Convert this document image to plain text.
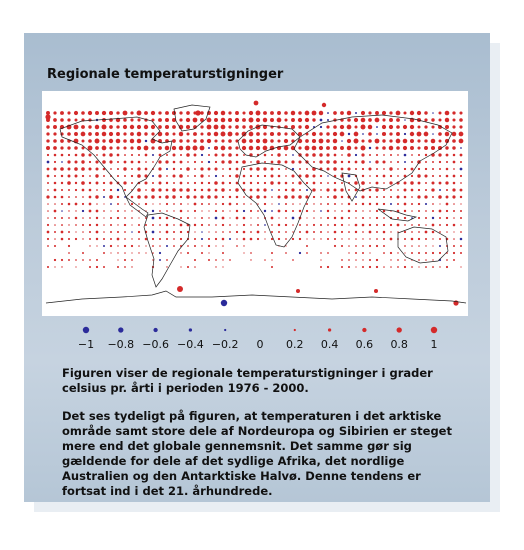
Regionale temperaturstigninger
−1 −0.8 −0.6 −0.4 −0.2 0 0.2 0.4 0.6 0.8 1
Figuren viser de regionale temperaturstigninger i grader celsius pr. årti i perioden 1976 - 2000.
Det ses tydeligt på figuren, at temperaturen i det arktiske område samt store dele af Nordeuropa og Sibirien er steget mere end det globale gennemsnit. Det samme gør sig gældende for dele af det sydlige Afrika, det nordlige Australien og den Antarktiske Halvø. Denne tendens er fortsat ind i det 21. århundrede.
